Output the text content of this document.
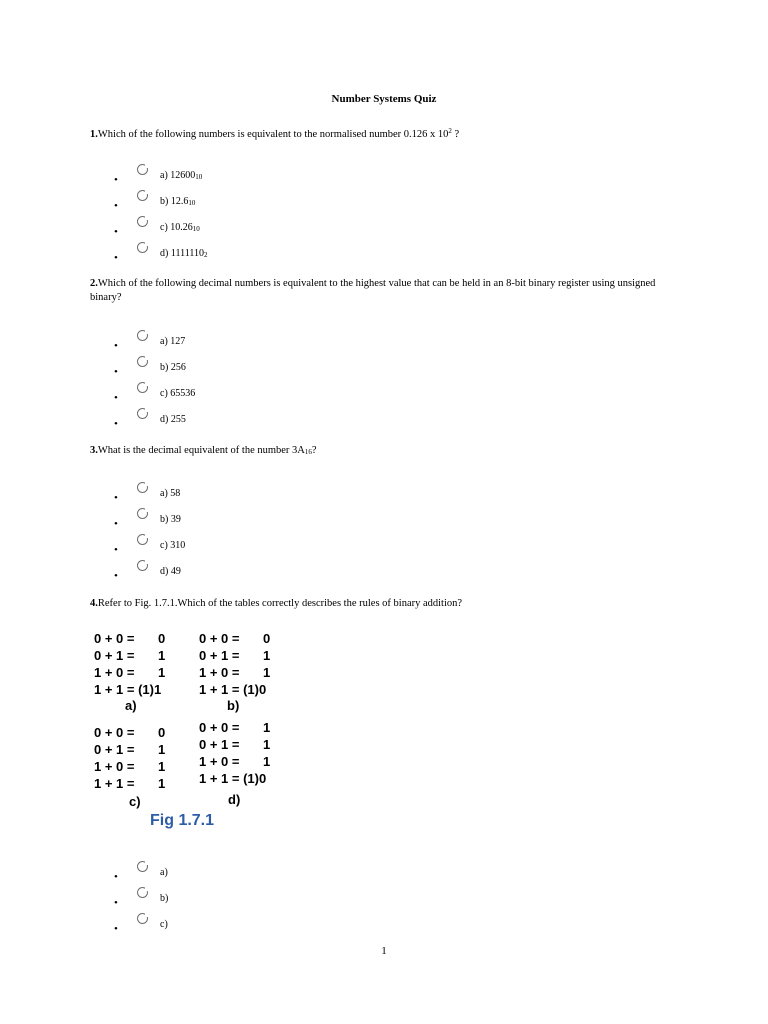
Number Systems Quiz
1.Which of the following numbers is equivalent to the normalised number 0.126 x $10^2$ ?
•	a) $12600_{10}$
•	b) $12.6_{10}$
•	c) $10.26_{10}$
•	d) $1111110_2$
2.Which of the following decimal numbers is equivalent to the highest value that can be held in an 8-bit binary register using unsigned binary?
•	a) 127
•	b) 256
•	c) 65536
•	d) 255
3.What is the decimal equivalent of the number $3A_{16}$?
•	a) 58
•	b) 39
•	c) 310
•	d) 49
4.Refer to Fig. 1.7.1.Which of the tables correctly describes the rules of binary addition?
0 + 0 = 0
0 + 1 = 1
1 + 0 = 1
1 + 1 = (1)1
a)
0 + 0 = 0
0 + 1 = 1
1 + 0 = 1
1 + 1 = (1)0
b)
0 + 0 = 0
0 + 1 = 1
1 + 0 = 1
1 + 1 = 1
c)
0 + 0 = 1
0 + 1 = 1
1 + 0 = 1
1 + 1 = (1)0
d)
Fig 1.7.1
•	a)
•	b)
•	c)
1
